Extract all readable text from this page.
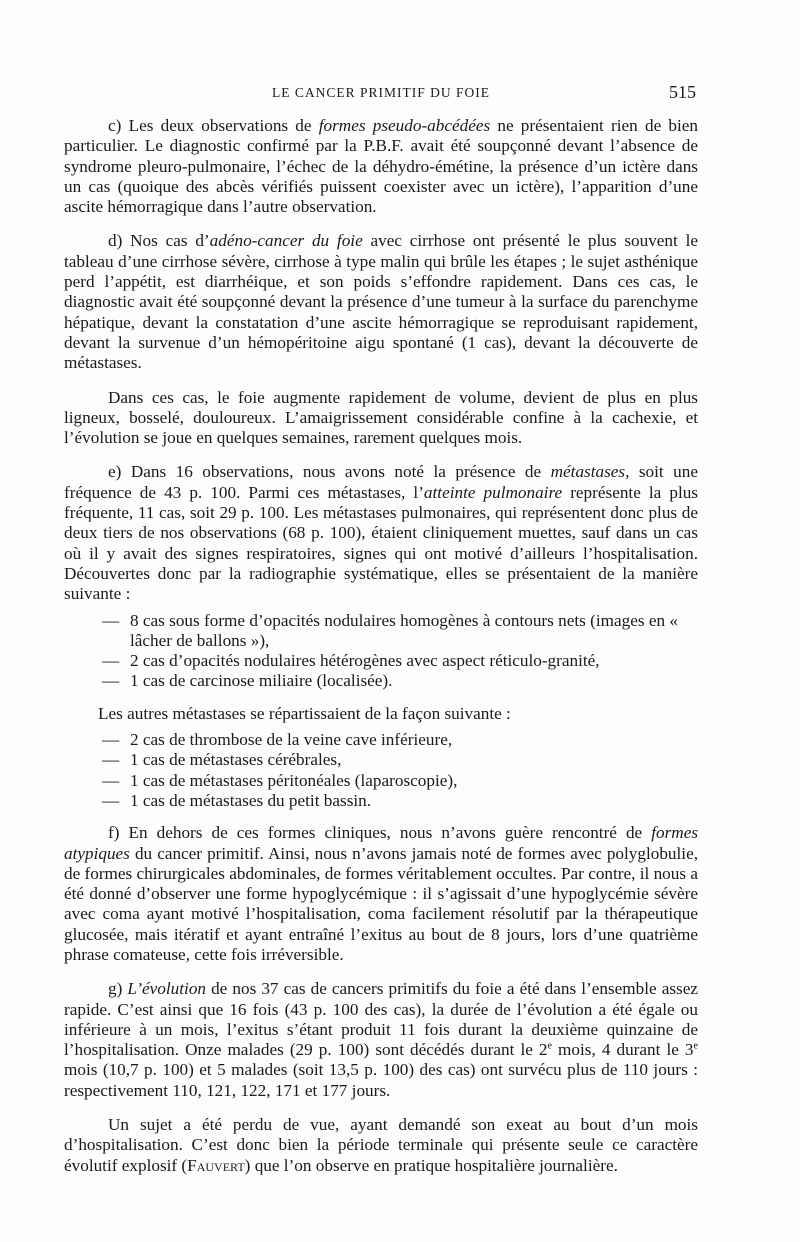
LE CANCER PRIMITIF DU FOIE	515

c) Les deux observations de formes pseudo-abcédées ne présentaient rien de bien particulier. Le diagnostic confirmé par la P.B.F. avait été soupçonné devant l’absence de syndrome pleuro-pulmonaire, l’échec de la déhydro-émétine, la présence d’un ictère dans un cas (quoique des abcès vérifiés puissent coexister avec un ictère), l’apparition d’une ascite hémorragique dans l’autre observation.

d) Nos cas d’adéno-cancer du foie avec cirrhose ont présenté le plus souvent le tableau d’une cirrhose sévère, cirrhose à type malin qui brûle les étapes ; le sujet asthénique perd l’appétit, est diarrhéique, et son poids s’effondre rapidement. Dans ces cas, le diagnostic avait été soupçonné devant la présence d’une tumeur à la surface du parenchyme hépatique, devant la constatation d’une ascite hémorragique se reproduisant rapidement, devant la survenue d’un hémopéritoine aigu spontané (1 cas), devant la découverte de métastases.

Dans ces cas, le foie augmente rapidement de volume, devient de plus en plus ligneux, bosselé, douloureux. L’amaigrissement considérable confine à la cachexie, et l’évolution se joue en quelques semaines, rarement quelques mois.

e) Dans 16 observations, nous avons noté la présence de métastases, soit une fréquence de 43 p. 100. Parmi ces métastases, l’atteinte pulmonaire représente la plus fréquente, 11 cas, soit 29 p. 100. Les métastases pulmonaires, qui représentent donc plus de deux tiers de nos observations (68 p. 100), étaient cliniquement muettes, sauf dans un cas où il y avait des signes respiratoires, signes qui ont motivé d’ailleurs l’hospitalisation. Découvertes donc par la radiographie systématique, elles se présentaient de la manière suivante :

— 8 cas sous forme d’opacités nodulaires homogènes à contours nets (images en « lâcher de ballons »),
— 2 cas d’opacités nodulaires hétérogènes avec aspect réticulo-granité,
— 1 cas de carcinose miliaire (localisée).

Les autres métastases se répartissaient de la façon suivante :

— 2 cas de thrombose de la veine cave inférieure,
— 1 cas de métastases cérébrales,
— 1 cas de métastases péritonéales (laparoscopie),
— 1 cas de métastases du petit bassin.

f) En dehors de ces formes cliniques, nous n’avons guère rencontré de formes atypiques du cancer primitif. Ainsi, nous n’avons jamais noté de formes avec polyglobulie, de formes chirurgicales abdominales, de formes véritablement occultes. Par contre, il nous a été donné d’observer une forme hypoglycémique : il s’agissait d’une hypoglycémie sévère avec coma ayant motivé l’hospitalisation, coma facilement résolutif par la thérapeutique glucosée, mais itératif et ayant entraîné l’exitus au bout de 8 jours, lors d’une quatrième phrase comateuse, cette fois irréversible.

g) L’évolution de nos 37 cas de cancers primitifs du foie a été dans l’ensemble assez rapide. C’est ainsi que 16 fois (43 p. 100 des cas), la durée de l’évolution a été égale ou inférieure à un mois, l’exitus s’étant produit 11 fois durant la deuxième quinzaine de l’hospitalisation. Onze malades (29 p. 100) sont décédés durant le 2e mois, 4 durant le 3e mois (10,7 p. 100) et 5 malades (soit 13,5 p. 100) des cas) ont survécu plus de 110 jours : respectivement 110, 121, 122, 171 et 177 jours.

Un sujet a été perdu de vue, ayant demandé son exeat au bout d’un mois d’hospitalisation. C’est donc bien la période terminale qui présente seule ce caractère évolutif explosif (Fauvert) que l’on observe en pratique hospitalière journalière.
